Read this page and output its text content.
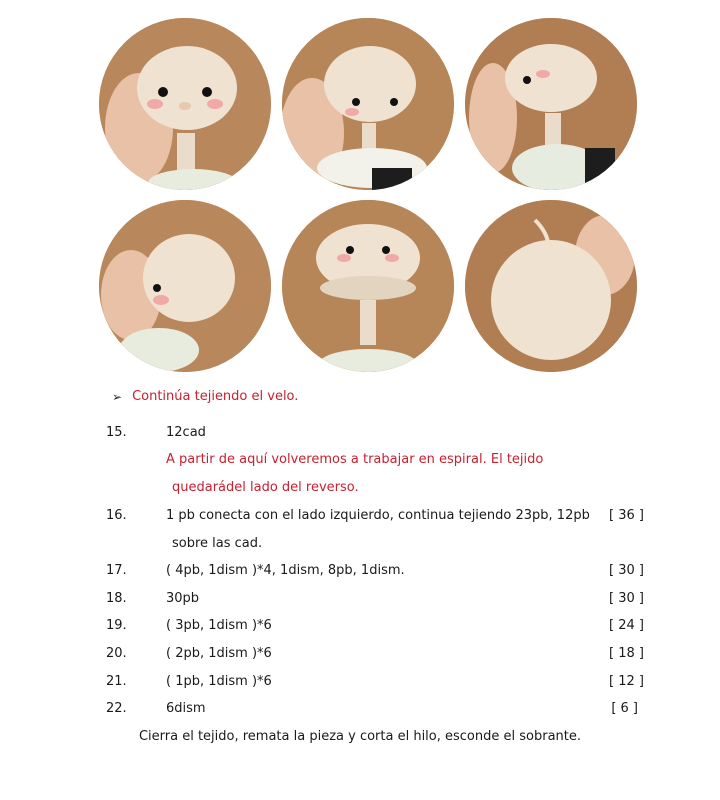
➢ Continúa tejiendo el velo.
15.	12cad
A partir de aquí volveremos a trabajar en espiral. El tejido
quedarádel lado del reverso.
16.	1 pb conecta con el lado izquierdo, continua tejiendo 23pb, 12pb [ 36 ]
sobre las cad.
17.	( 4pb, 1dism )*4, 1dism, 8pb, 1dism.	[ 30 ]
18.	30pb	[ 30 ]
19.	( 3pb, 1dism )*6	[ 24 ]
20.	( 2pb, 1dism )*6	[ 18 ]
21.	( 1pb, 1dism )*6	[ 12 ]
22.	6dism	[ 6 ]
Cierra el tejido, remata la pieza y corta el hilo, esconde el sobrante.
